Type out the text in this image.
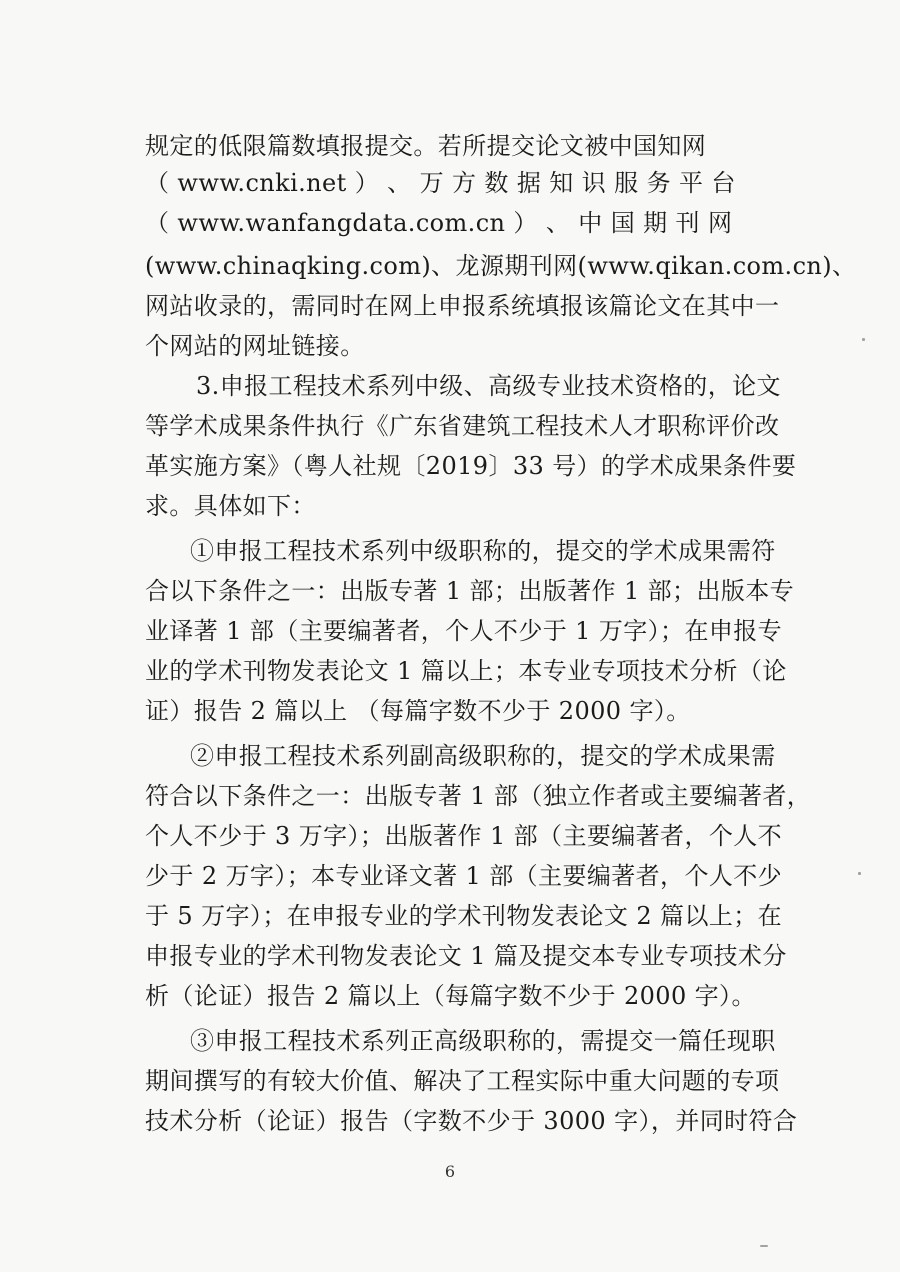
规定的低限篇数填报提交。若所提交论文被中国知网
（ www.cnki.net ） 、 万 方 数 据 知 识 服 务 平 台
（ www.wanfangdata.com.cn ） 、 中 国 期 刊 网
(www.chinaqking.com)、龙源期刊网(www.qikan.com.cn)、
网站收录的，需同时在网上申报系统填报该篇论文在其中一
个网站的网址链接。
3.申报工程技术系列中级、高级专业技术资格的，论文
等学术成果条件执行《广东省建筑工程技术人才职称评价改
革实施方案》（粤人社规〔2019〕33 号）的学术成果条件要
求。具体如下：
①申报工程技术系列中级职称的，提交的学术成果需符
合以下条件之一：出版专著 1 部；出版著作 1 部；出版本专
业译著 1 部（主要编著者，个人不少于 1 万字）；在申报专
业的学术刊物发表论文 1 篇以上；本专业专项技术分析（论
证）报告 2 篇以上 （每篇字数不少于 2000 字）。
②申报工程技术系列副高级职称的，提交的学术成果需
符合以下条件之一：出版专著 1 部（独立作者或主要编著者，
个人不少于 3 万字）；出版著作 1 部（主要编著者，个人不
少于 2 万字）；本专业译文著 1 部（主要编著者，个人不少
于 5 万字）；在申报专业的学术刊物发表论文 2 篇以上；在
申报专业的学术刊物发表论文 1 篇及提交本专业专项技术分
析（论证）报告 2 篇以上（每篇字数不少于 2000 字）。
③申报工程技术系列正高级职称的，需提交一篇任现职
期间撰写的有较大价值、解决了工程实际中重大问题的专项
技术分析（论证）报告（字数不少于 3000 字），并同时符合
6
